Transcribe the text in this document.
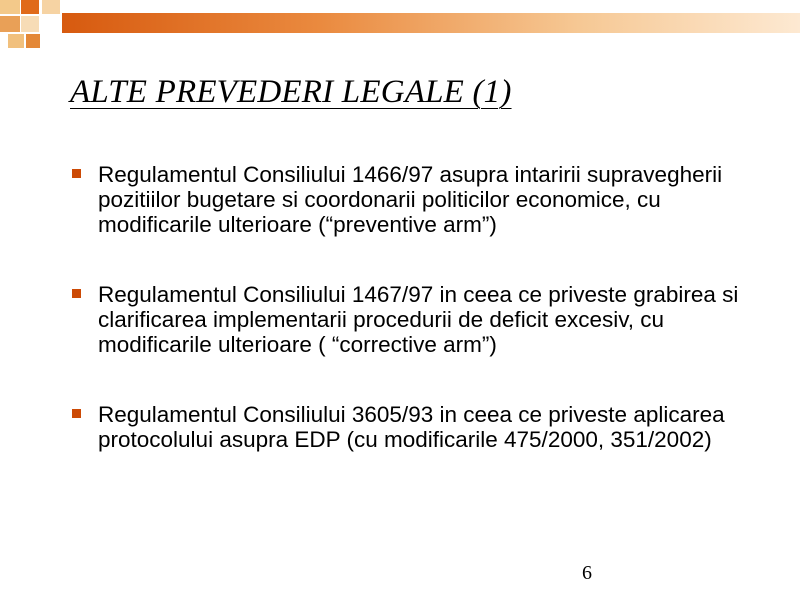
ALTE PREVEDERI LEGALE (1)
Regulamentul Consiliului 1466/97 asupra intaririi supravegherii pozitiilor bugetare si coordonarii politicilor economice, cu modificarile ulterioare (“preventive arm”)
Regulamentul Consiliului 1467/97 in ceea ce priveste grabirea si clarificarea implementarii procedurii de deficit excesiv, cu modificarile ulterioare ( “corrective arm”)
Regulamentul Consiliului 3605/93 in ceea ce priveste aplicarea protocolului asupra EDP (cu modificarile 475/2000, 351/2002)
6
